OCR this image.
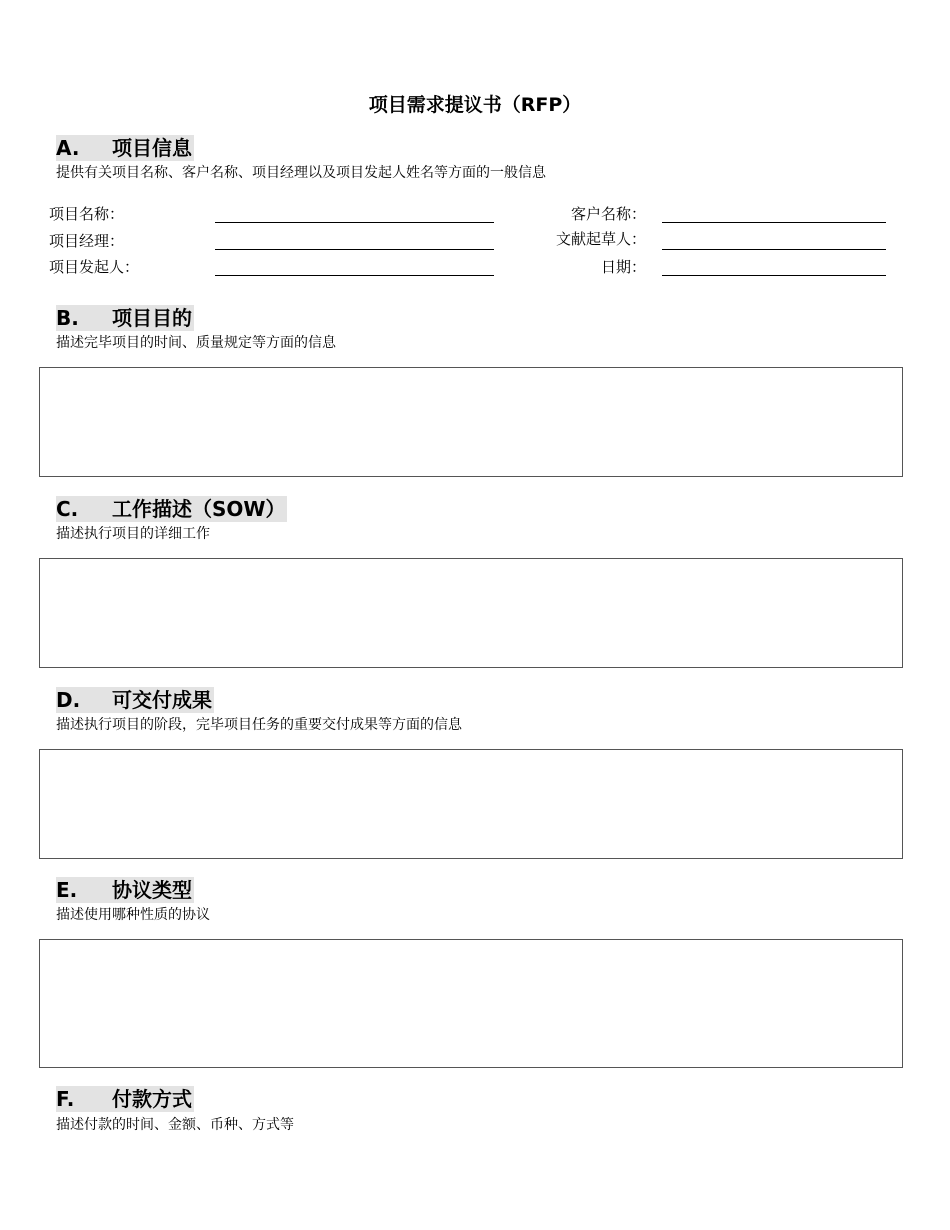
项目需求提议书（RFP）
A. 项目信息
提供有关项目名称、客户名称、项目经理以及项目发起人姓名等方面的一般信息
项目名称：
项目经理：
项目发起人：
客户名称：
文献起草人：
日期：
B. 项目目的
描述完毕项目的时间、质量规定等方面的信息
C. 工作描述（SOW）
描述执行项目的详细工作
D. 可交付成果
描述执行项目的阶段，完毕项目任务的重要交付成果等方面的信息
E. 协议类型
描述使用哪种性质的协议
F. 付款方式
描述付款的时间、金额、币种、方式等
